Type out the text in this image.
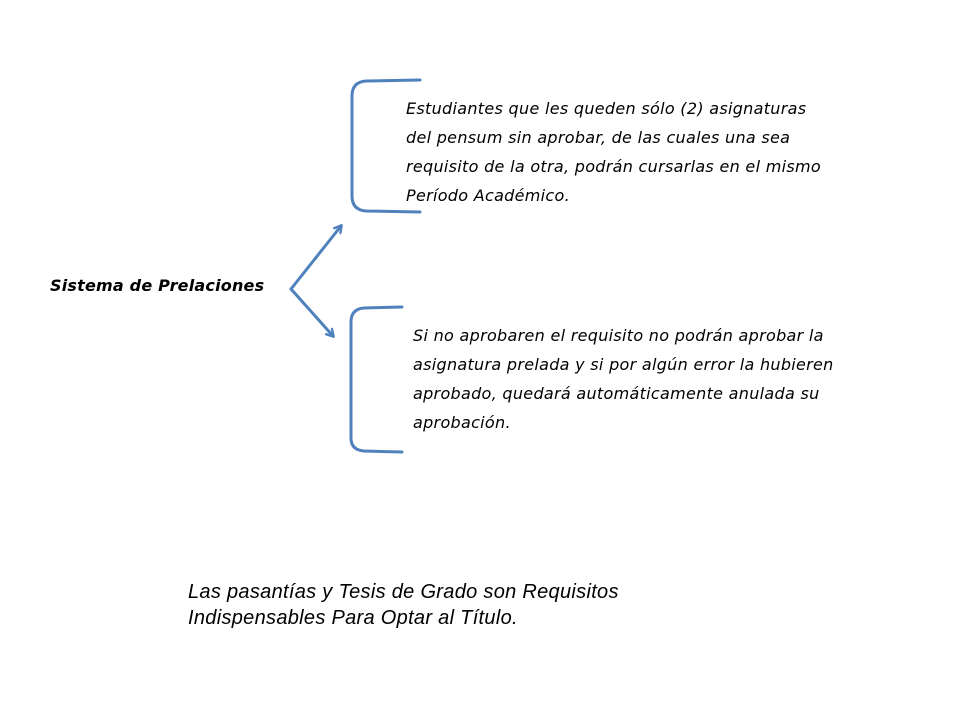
Sistema de Prelaciones
Estudiantes que les queden sólo (2) asignaturas del pensum sin aprobar, de las cuales una sea requisito de la otra, podrán cursarlas en el mismo Período Académico.
Si no aprobaren el requisito no podrán aprobar la asignatura prelada y si por algún error la hubieren aprobado, quedará automáticamente anulada su aprobación.
Las pasantías y Tesis de Grado son Requisitos Indispensables Para Optar al Título.
